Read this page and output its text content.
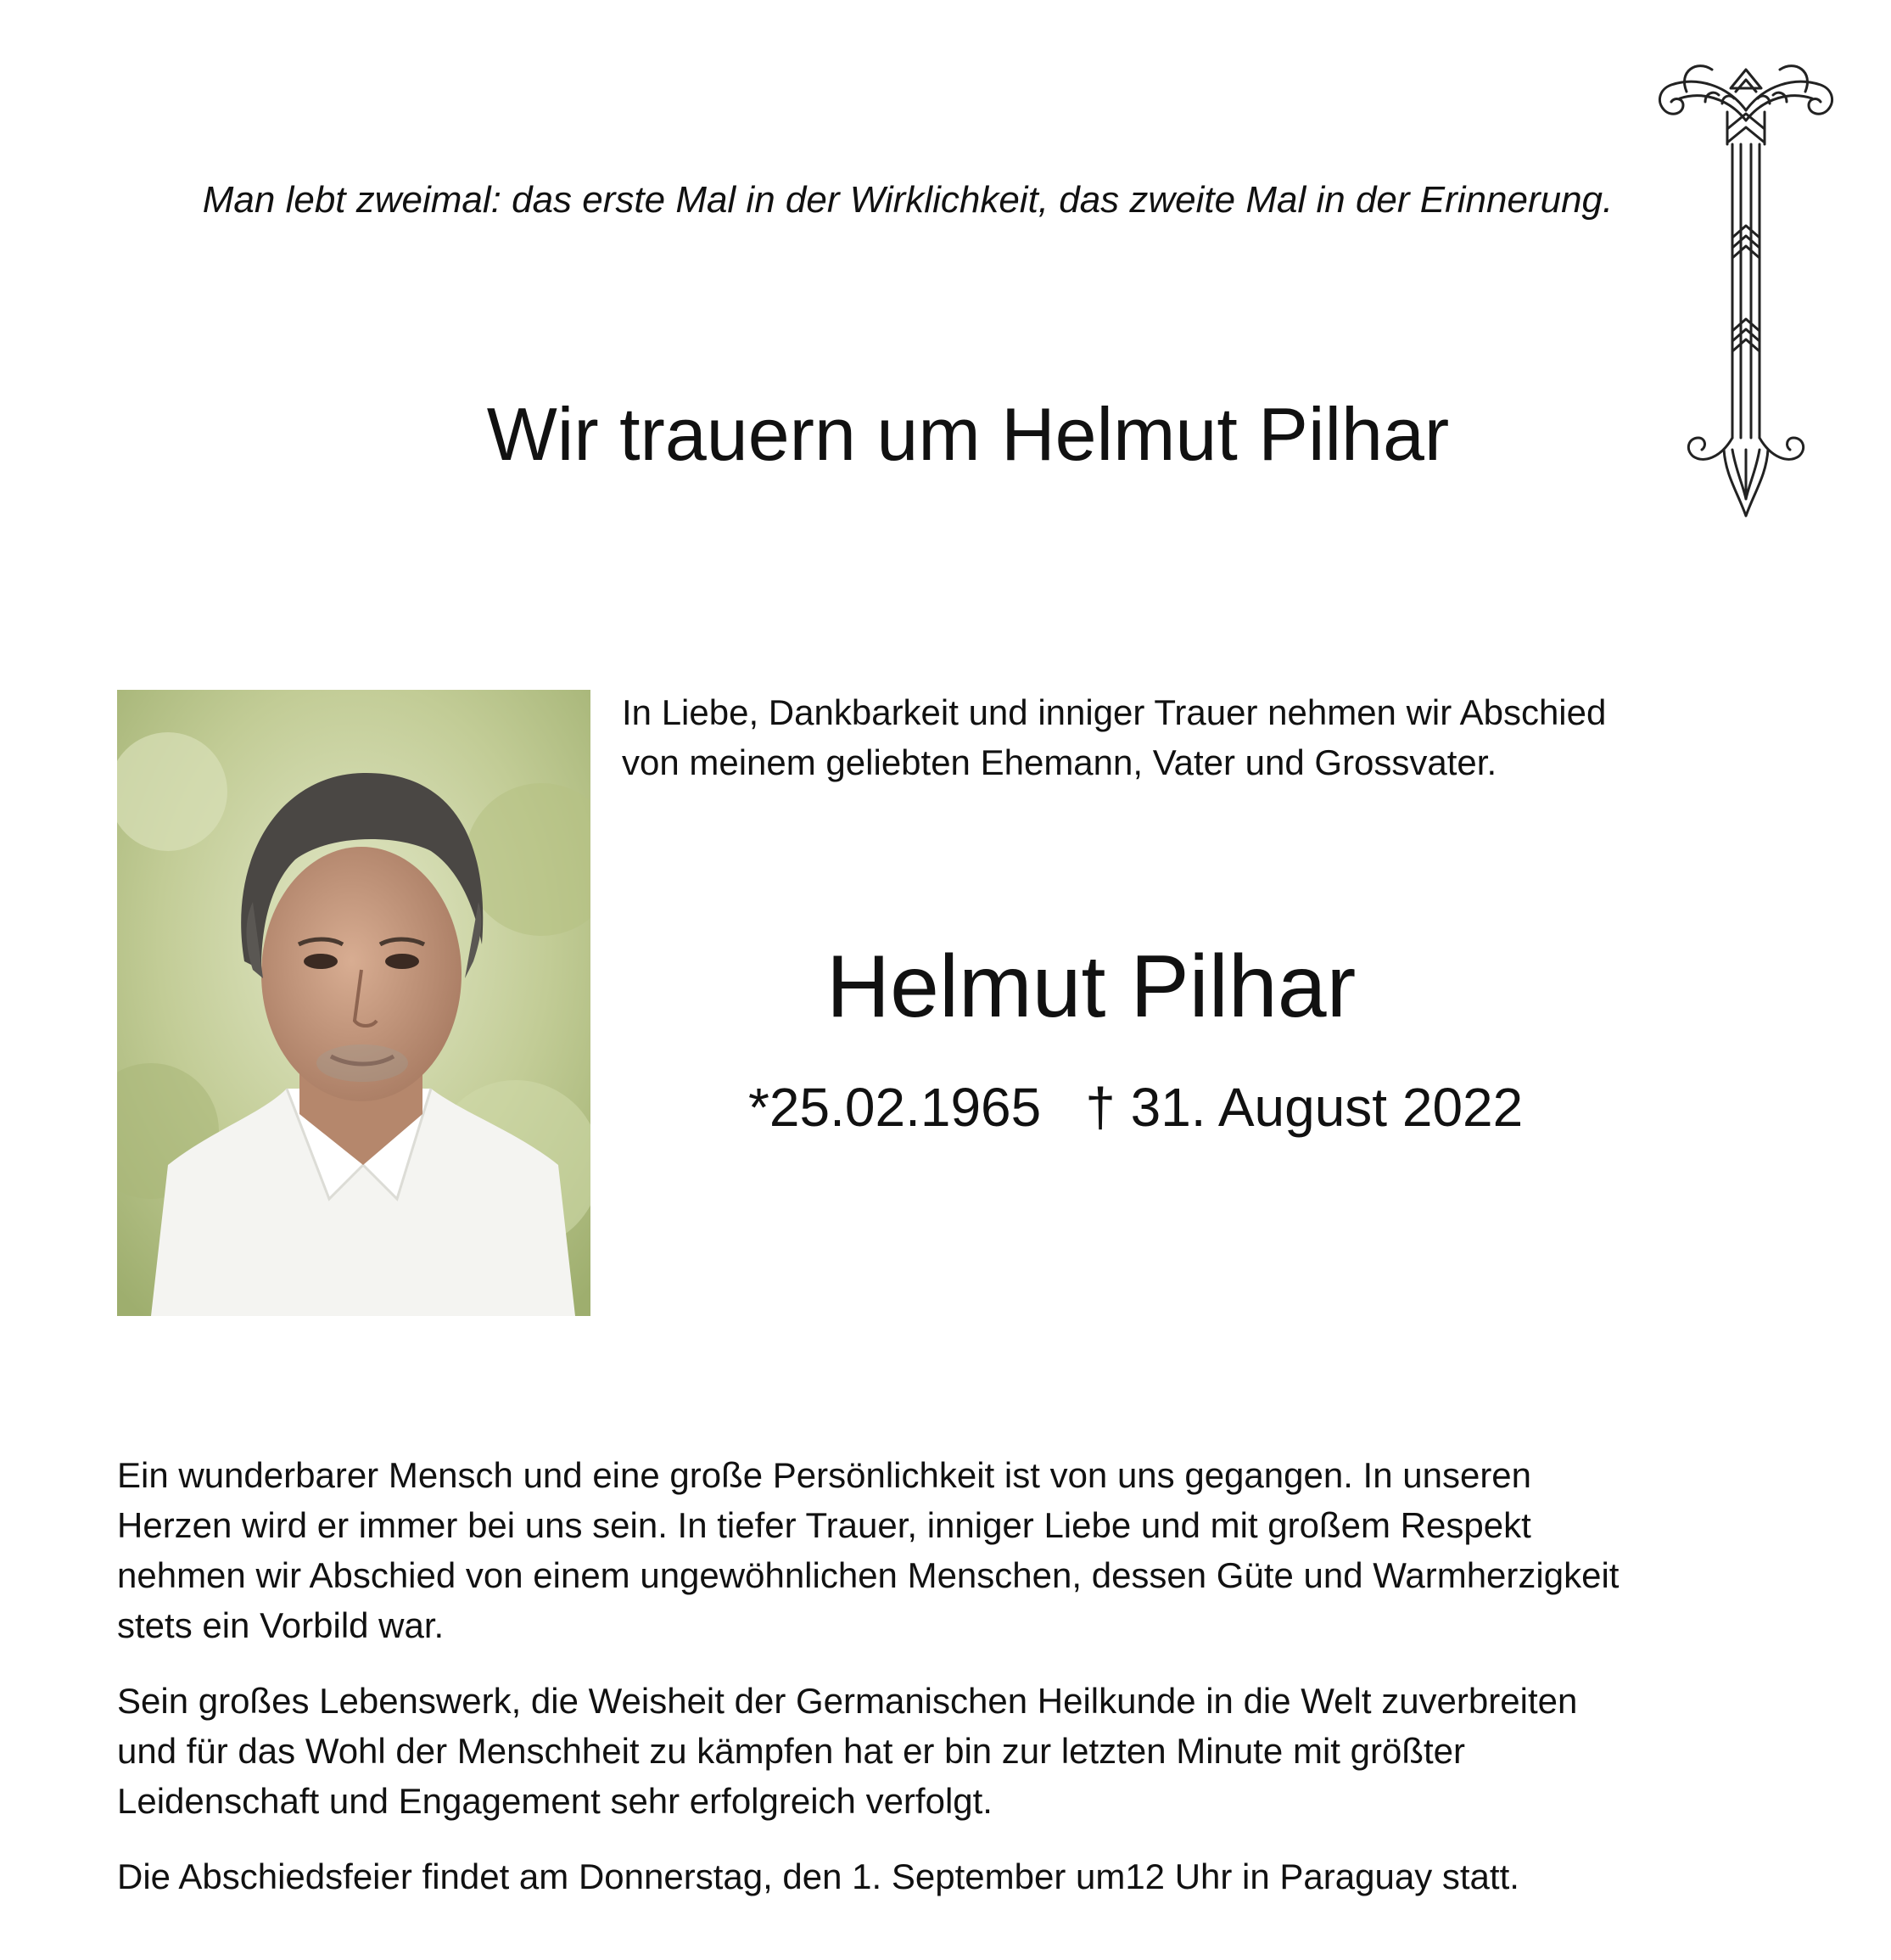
Man lebt zweimal: das erste Mal in der Wirklichkeit, das zweite Mal in der Erinnerung.
Wir trauern um Helmut Pilhar
In Liebe, Dankbarkeit und inniger Trauer nehmen wir Abschied
von meinem geliebten Ehemann, Vater und Grossvater.
Helmut Pilhar
*25.02.1965 † 31. August 2022

Ein wunderbarer Mensch und eine große Persönlichkeit ist von uns gegangen. In unseren
Herzen wird er immer bei uns sein. In tiefer Trauer, inniger Liebe und mit großem Respekt
nehmen wir Abschied von einem ungewöhnlichen Menschen, dessen Güte und Warmherzigkeit
stets ein Vorbild war.

Sein großes Lebenswerk, die Weisheit der Germanischen Heilkunde in die Welt zuverbreiten
und für das Wohl der Menschheit zu kämpfen hat er bin zur letzten Minute mit größter
Leidenschaft und Engagement sehr erfolgreich verfolgt.

Die Abschiedsfeier findet am Donnerstag, den 1. September um12 Uhr in Paraguay statt.
